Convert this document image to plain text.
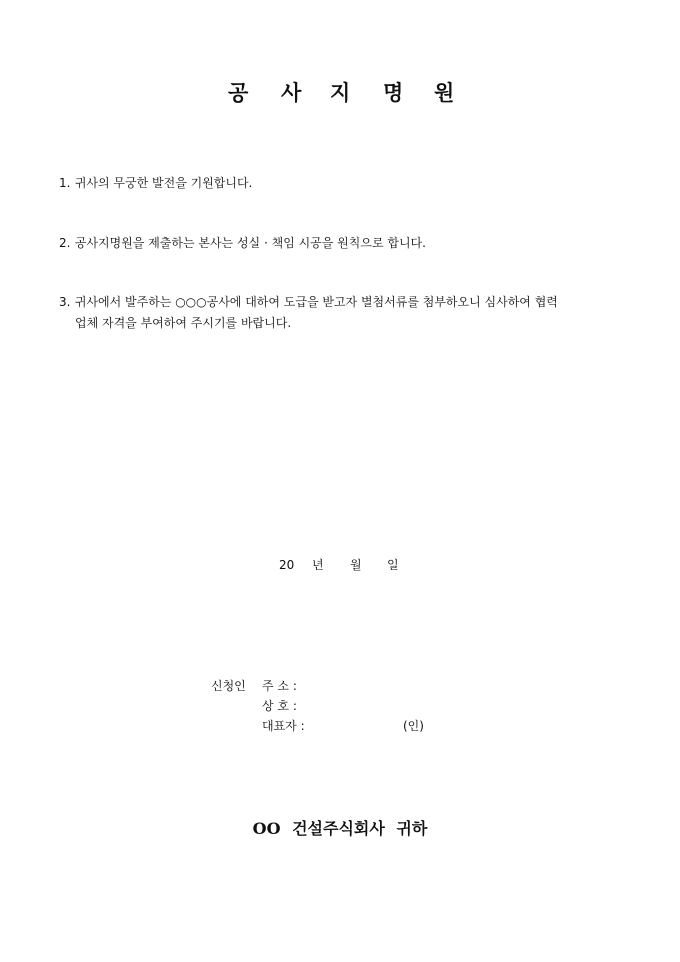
공 사 지 명 원
1. 귀사의 무궁한 발전을 기원합니다.
2. 공사지명원을 제출하는 본사는 성실 · 책임 시공을 원칙으로 합니다.
3. 귀사에서 발주하는 ○○○공사에 대하여 도급을 받고자 별첨서류를 첨부하오니 심사하여 협력
업체 자격을 부여하여 주시기를 바랍니다.
20 년 월 일
신청인 주 소 :
상 호 :
대표자 :	(인)
OO 건설주식회사 귀하
